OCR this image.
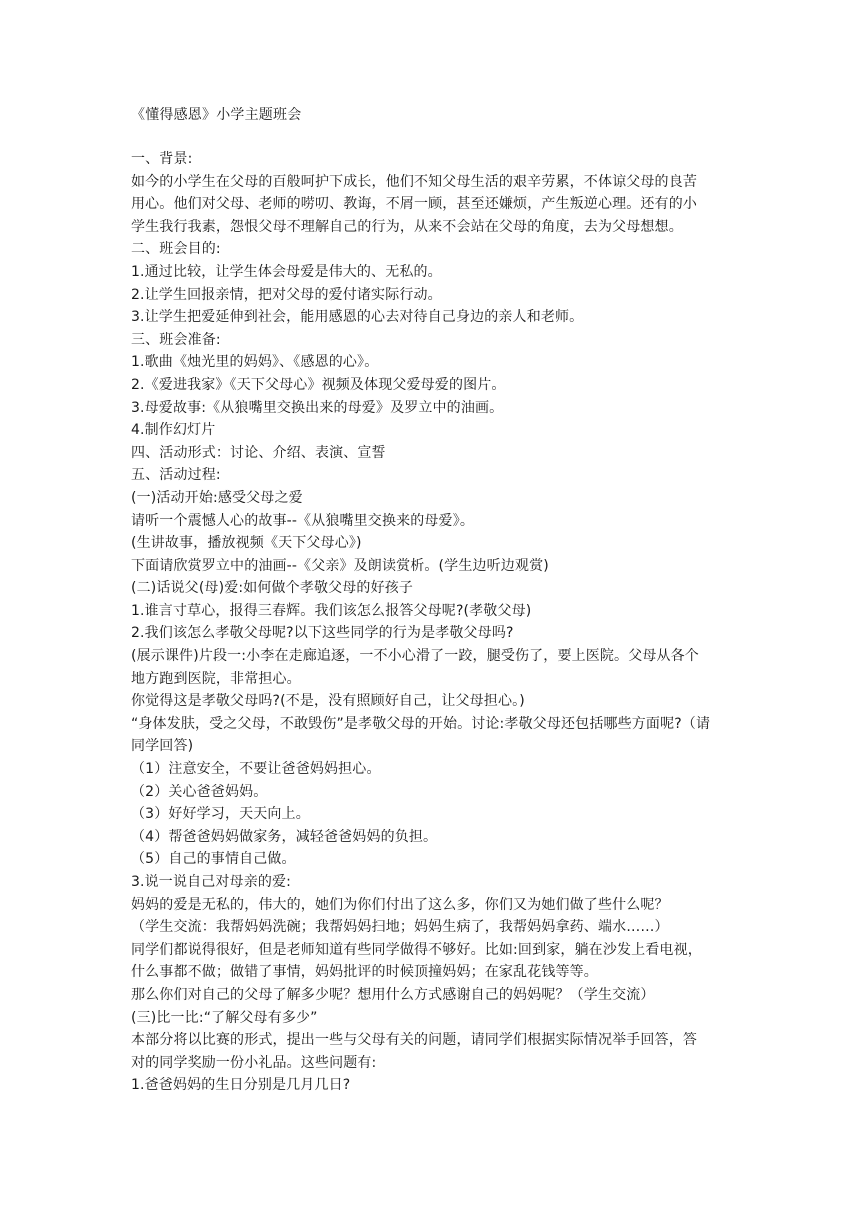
《懂得感恩》小学主题班会
一、背景:
如今的小学生在父母的百般呵护下成长，他们不知父母生活的艰辛劳累，不体谅父母的良苦
用心。他们对父母、老师的唠叨、教诲，不屑一顾，甚至还嫌烦，产生叛逆心理。还有的小
学生我行我素，怨恨父母不理解自己的行为，从来不会站在父母的角度，去为父母想想。
二、班会目的:
1.通过比较，让学生体会母爱是伟大的、无私的。
2.让学生回报亲情，把对父母的爱付诸实际行动。
3.让学生把爱延伸到社会，能用感恩的心去对待自己身边的亲人和老师。
三、班会准备:
1.歌曲《烛光里的妈妈》、《感恩的心》。
2.《爱进我家》《天下父母心》视频及体现父爱母爱的图片。
3.母爱故事:《从狼嘴里交换出来的母爱》及罗立中的油画。
4.制作幻灯片
四、活动形式：讨论、介绍、表演、宣誓
五、活动过程:
(一)活动开始:感受父母之爱
请听一个震憾人心的故事--《从狼嘴里交换来的母爱》。
(生讲故事，播放视频《天下父母心》)
下面请欣赏罗立中的油画--《父亲》及朗读赏析。(学生边听边观赏)
(二)话说父(母)爱:如何做个孝敬父母的好孩子
1.谁言寸草心，报得三春辉。我们该怎么报答父母呢?(孝敬父母)
2.我们该怎么孝敬父母呢?以下这些同学的行为是孝敬父母吗?
(展示课件)片段一:小李在走廊追逐，一不小心滑了一跤，腿受伤了，要上医院。父母从各个
地方跑到医院，非常担心。
你觉得这是孝敬父母吗?(不是，没有照顾好自己，让父母担心。)
“身体发肤，受之父母，不敢毁伤”是孝敬父母的开始。讨论:孝敬父母还包括哪些方面呢?（请
同学回答)
（1）注意安全，不要让爸爸妈妈担心。
（2）关心爸爸妈妈。
（3）好好学习，天天向上。
（4）帮爸爸妈妈做家务，减轻爸爸妈妈的负担。
（5）自己的事情自己做。
3.说一说自己对母亲的爱:
妈妈的爱是无私的，伟大的，她们为你们付出了这么多，你们又为她们做了些什么呢？
（学生交流：我帮妈妈洗碗；我帮妈妈扫地；妈妈生病了，我帮妈妈拿药、端水……）
同学们都说得很好，但是老师知道有些同学做得不够好。比如:回到家，躺在沙发上看电视，
什么事都不做；做错了事情，妈妈批评的时候顶撞妈妈；在家乱花钱等等。
那么你们对自己的父母了解多少呢？想用什么方式感谢自己的妈妈呢？（学生交流）
(三)比一比:“了解父母有多少”
本部分将以比赛的形式，提出一些与父母有关的问题，请同学们根据实际情况举手回答，答
对的同学奖励一份小礼品。这些问题有:
1.爸爸妈妈的生日分别是几月几日?
